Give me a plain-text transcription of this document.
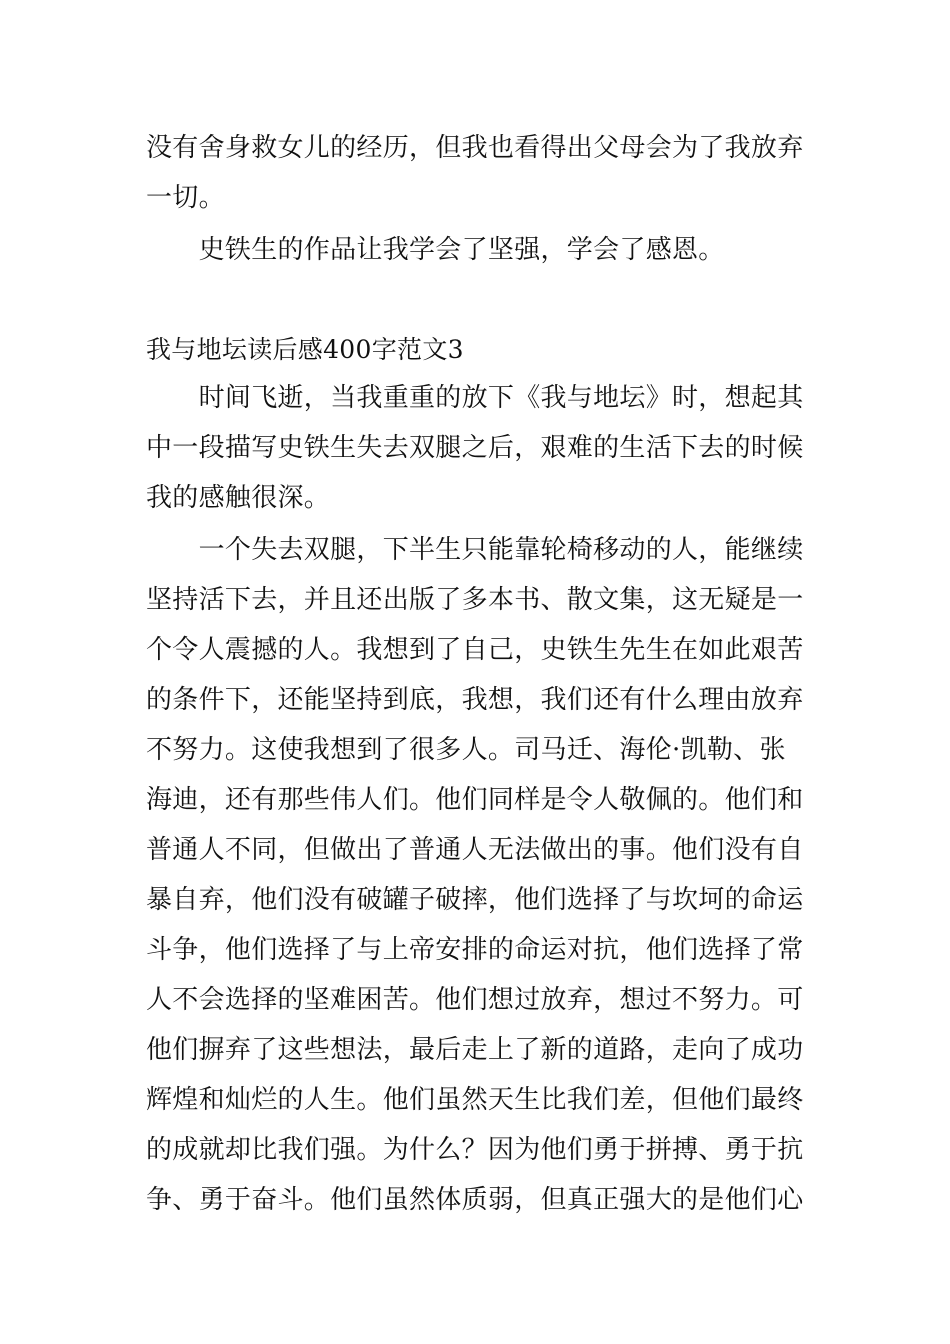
没有舍身救女儿的经历，但我也看得出父母会为了我放弃
一切。
　　史铁生的作品让我学会了坚强，学会了感恩。
我与地坛读后感400字范文3
　　时间飞逝，当我重重的放下《我与地坛》时，想起其
中一段描写史铁生失去双腿之后，艰难的生活下去的时候
我的感触很深。
　　一个失去双腿，下半生只能靠轮椅移动的人，能继续
坚持活下去，并且还出版了多本书、散文集，这无疑是一
个令人震撼的人。我想到了自己，史铁生先生在如此艰苦
的条件下，还能坚持到底，我想，我们还有什么理由放弃
不努力。这使我想到了很多人。司马迁、海伦·凯勒、张
海迪，还有那些伟人们。他们同样是令人敬佩的。他们和
普通人不同，但做出了普通人无法做出的事。他们没有自
暴自弃，他们没有破罐子破摔，他们选择了与坎坷的命运
斗争，他们选择了与上帝安排的命运对抗，他们选择了常
人不会选择的坚难困苦。他们想过放弃，想过不努力。可
他们摒弃了这些想法，最后走上了新的道路，走向了成功
辉煌和灿烂的人生。他们虽然天生比我们差，但他们最终
的成就却比我们强。为什么？因为他们勇于拼搏、勇于抗
争、勇于奋斗。他们虽然体质弱，但真正强大的是他们心
